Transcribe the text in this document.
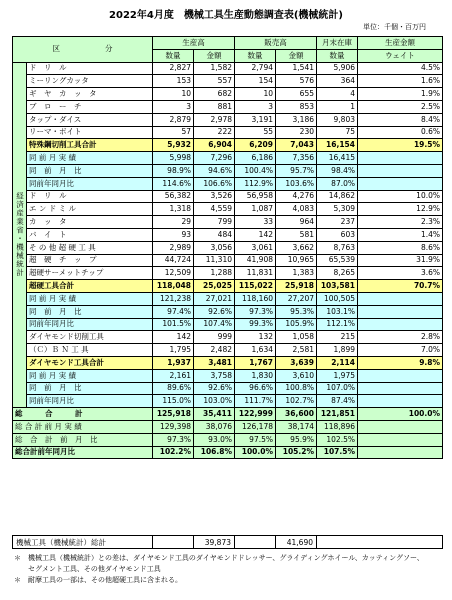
2022年4月度　機械工具生産動態調査表(機械統計)
単位：千個・百万円
区　　　　　　分		生産高		販売高		月末在庫	生産金額
		数量	金額	数量	金額	数量	ウェイト
経済産業省・機械統計	ド　リ　ル	2,827	1,582	2,794	1,541	5,906	4.5%
	ミーリングカッタ	153	557	154	576	364	1.6%
	ギ　ヤ　カ　ッ　タ	10	682	10	655	4	1.9%
	ブ　ロ　ー　チ	3	881	3	853	1	2.5%
	タップ・ダイス	2,879	2,978	3,191	3,186	9,803	8.4%
	リーマ・ボイト	57	222	55	230	75	0.6%
	特殊鋼切削工具合計	5,932	6,904	6,209	7,043	16,154	19.5%
	同 前 月 実 績	5,998	7,296	6,186	7,356	16,415	
	同　前　月　比	98.9%	94.6%	100.4%	95.7%	98.4%	
	同前年同月比	114.6%	106.6%	112.9%	103.6%	87.0%	
	ド　リ　ル	56,382	3,526	56,958	4,276	14,862	10.0%
	エ ン ド ミ ル	1,318	4,559	1,087	4,083	5,309	12.9%
	カ　ッ　タ	29	799	33	964	237	2.3%
	バ　イ　ト	93	484	142	581	603	1.4%
	そ の 他 超 硬 工 具	2,989	3,056	3,061	3,662	8,763	8.6%
	超　硬　チ　ッ　プ	44,724	11,310	41,908	10,965	65,539	31.9%
	超硬サーメットチップ	12,509	1,288	11,831	1,383	8,265	3.6%
	超硬工具合計	118,048	25,025	115,022	25,918	103,581	70.7%
	同 前 月 実 績	121,238	27,021	118,160	27,207	100,505	
	同　前　月　比	97.4%	92.6%	97.3%	95.3%	103.1%	
	同前年同月比	101.5%	107.4%	99.3%	105.9%	112.1%	
	ダイヤモンド切削工具	142	999	132	1,058	215	2.8%
	（Ｃ）Ｂ Ｎ 工 具	1,795	2,482	1,634	2,581	1,899	7.0%
	ダイヤモンド工具合計	1,937	3,481	1,767	3,639	2,114	9.8%
	同 前 月 実 績	2,161	3,758	1,830	3,610	1,975	
	同　前　月　比	89.6%	92.6%	96.6%	100.8%	107.0%	
	同前年同月比	115.0%	103.0%	111.7%	102.7%	87.4%	
総　　　合　　　計		125,918	35,411	122,999	36,600	121,851	100.0%
総 合 計 前 月 実 績		129,398	38,076	126,178	38,174	118,896	
総　合　計　前　月　比		97.3%	93.0%	97.5%	95.9%	102.5%	
総合計前年同月比		102.2%	106.8%	100.0%	105.2%	107.5%	
機械工具（機械統計）総計		39,873		41,690	
＊　機械工具（機械統計）との差は、ダイヤモンド工具のダイヤモンドドレッサー、グライディングホイール、カッティングソー、
　　セグメント工具、その他ダイヤモンド工具
＊　耐摩工具の一部は、その他超硬工具に含まれる。
